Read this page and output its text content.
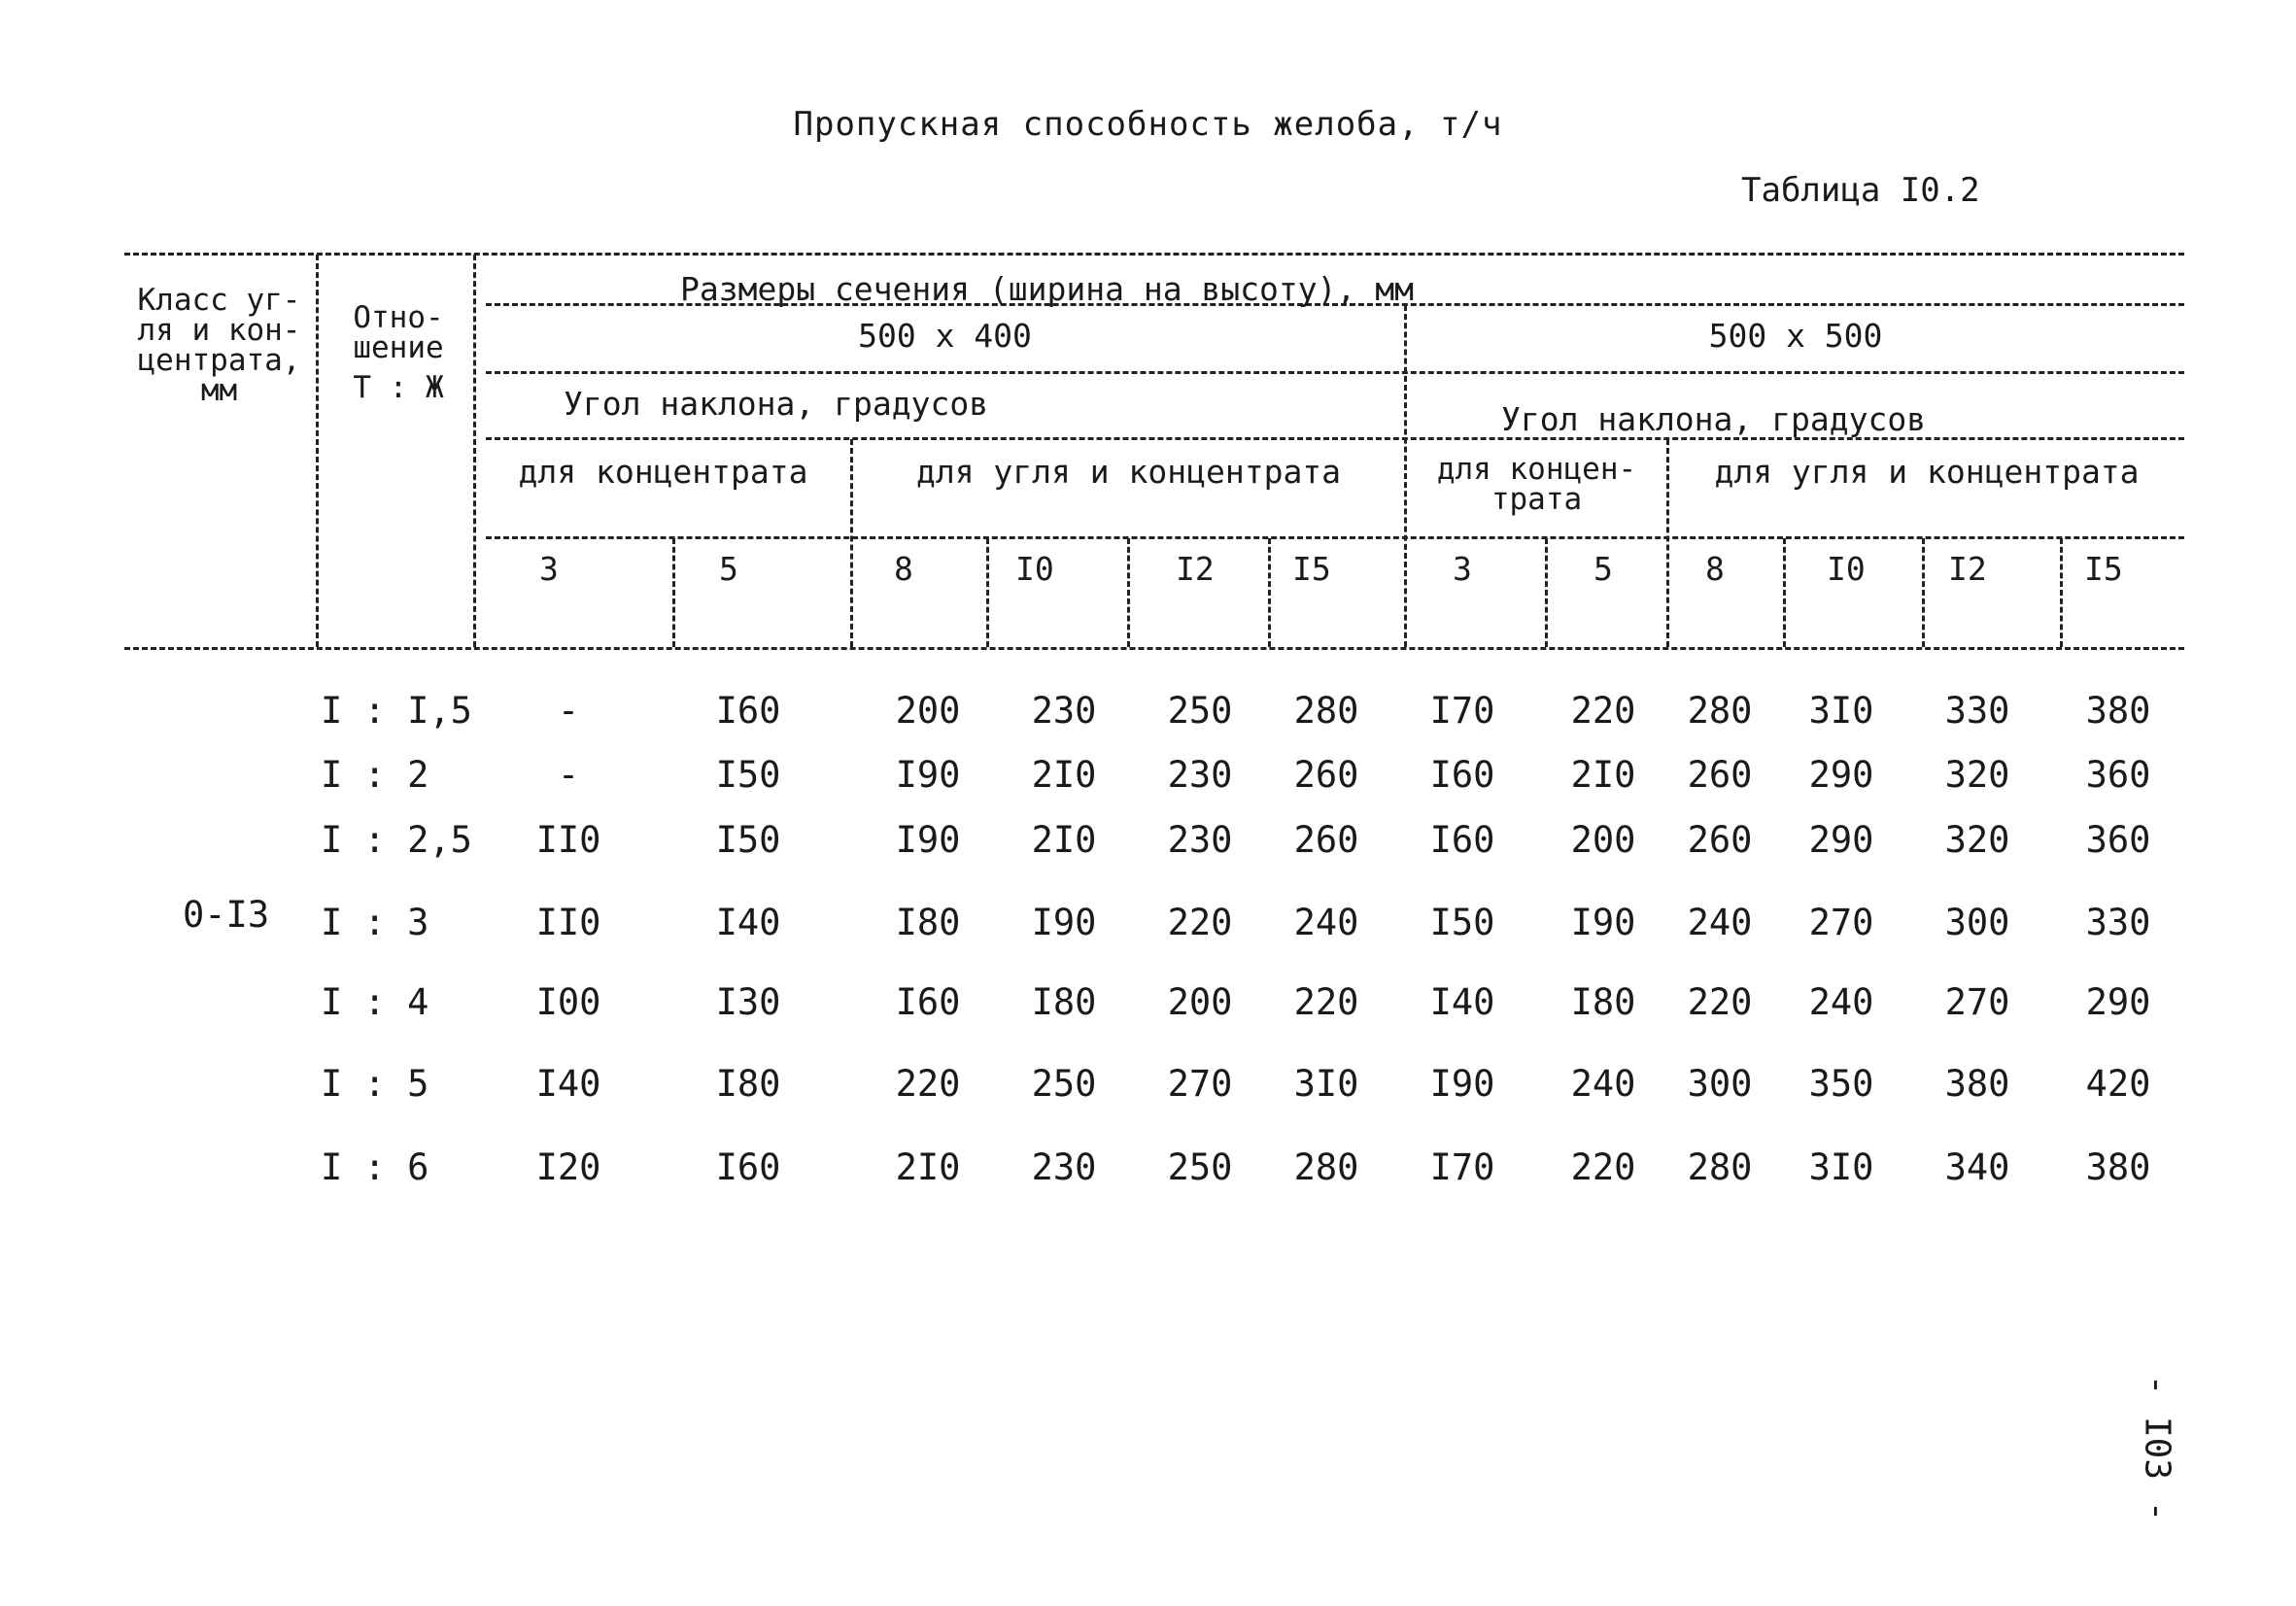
Пропускная способность желоба, т/ч
Таблица I0.2
Класс уг-
ля и кон-
центрата,
мм
Отно-
шение
Т : Ж
Размеры сечения (ширина на высоту), мм
500 x 400	500 x 500
Угол наклона, градусов	Угол наклона, градусов
для концентрата	для угля и концентрата	для концен-
трата
для угля и концентрата
3	5	8	I0	I2 I5	3	5	8	I0	I2	I5
0-I3
I : I,5	-	I60	200	230	250	280	I70	220	280	3I0	330	380
I : 2	-	I50	I90	2I0	230	260	I60	2I0	260	290	320	360
I : 2,5	II0	I50	I90	2I0	230	260	I60	200	260	290	320	360
I : 3	II0	I40	I80	I90	220	240	I50	I90	240	270	300	330
I : 4	I00	I30	I60	I80	200	220	I40	I80	220	240	270	290
I : 5	I40	I80	220	250	270	3I0	I90	240	300	350	380	420
I : 6	I20	I60	2I0	230	250	280	I70	220	280	3I0	340	380
- I03 -
